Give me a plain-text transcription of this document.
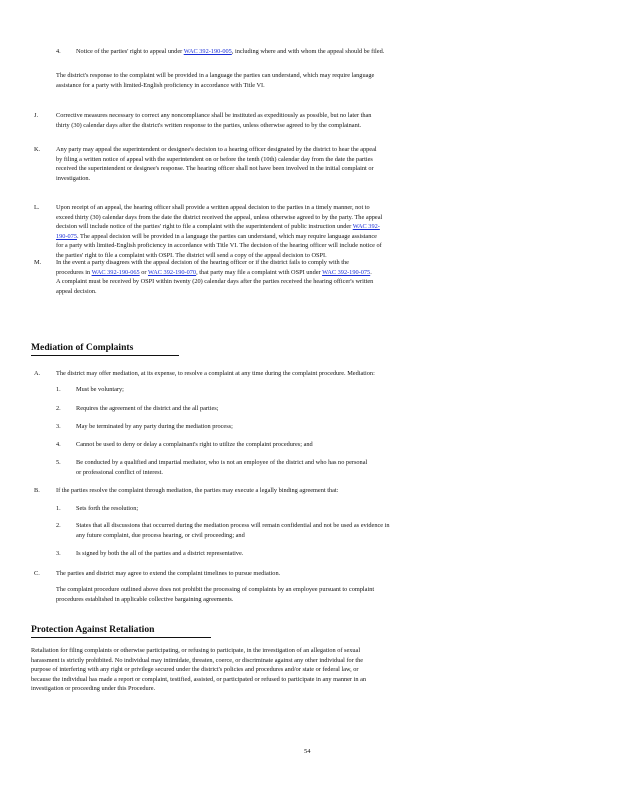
4. Notice of the parties' right to appeal under WAC 392-190-005, including where and with whom the appeal should be filed.
The district's response to the complaint will be provided in a language the parties can understand, which may require language
assistance for a party with limited-English proficiency in accordance with Title VI.
J.	Corrective measures necessary to correct any noncompliance shall be instituted as expeditiously as possible, but no later than
thirty (30) calendar days after the district's written response to the parties, unless otherwise agreed to by the complainant.
K.	Any party may appeal the superintendent or designee's decision to a hearing officer designated by the district to hear the appeal
by filing a written notice of appeal with the superintendent on or before the tenth (10th) calendar day from the date the parties
received the superintendent or designee's response. The hearing officer shall not have been involved in the initial complaint or
investigation.
L.	Upon receipt of an appeal, the hearing officer shall provide a written appeal decision to the parties in a timely manner, not to
exceed thirty (30) calendar days from the date the district received the appeal, unless otherwise agreed to by the party. The appeal
decision will include notice of the parties' right to file a complaint with the superintendent of public instruction under WAC 392-
190-075. The appeal decision will be provided in a language the parties can understand, which may require language assistance
for a party with limited-English proficiency in accordance with Title VI. The decision of the hearing officer will include notice of
the parties' right to file a complaint with OSPI. The district will send a copy of the appeal decision to OSPI.
M. In the event a party disagrees with the appeal decision of the hearing officer or if the district fails to comply with the
procedures in WAC 392-190-065 or WAC 392-190-070, that party may file a complaint with OSPI under WAC 392-190-075.
A complaint must be received by OSPI within twenty (20) calendar days after the parties received the hearing officer's written
appeal decision.
Mediation of Complaints
A.	The district may offer mediation, at its expense, to resolve a complaint at any time during the complaint procedure. Mediation:
1. Must be voluntary;
2. Requires the agreement of the district and the all parties;
3. May be terminated by any party during the mediation process;
4. Cannot be used to deny or delay a complainant's right to utilize the complaint procedures; and
5. Be conducted by a qualified and impartial mediator, who is not an employee of the district and who has no personal
or professional conflict of interest.
B.	If the parties resolve the complaint through mediation, the parties may execute a legally binding agreement that:
1. Sets forth the resolution;
2. States that all discussions that occurred during the mediation process will remain confidential and not be used as evidence in
any future complaint, due process hearing, or civil proceeding; and
3. Is signed by both the all of the parties and a district representative.
C.	The parties and district may agree to extend the complaint timelines to pursue mediation.
The complaint procedure outlined above does not prohibit the processing of complaints by an employee pursuant to complaint
procedures established in applicable collective bargaining agreements.
Protection Against Retaliation
Retaliation for filing complaints or otherwise participating, or refusing to participate, in the investigation of an allegation of sexual
harassment is strictly prohibited. No individual may intimidate, threaten, coerce, or discriminate against any other individual for the
purpose of interfering with any right or privilege secured under the district's policies and procedures and/or state or federal law, or
because the individual has made a report or complaint, testified, assisted, or participated or refused to participate in any manner in an
investigation or proceeding under this Procedure.
54
